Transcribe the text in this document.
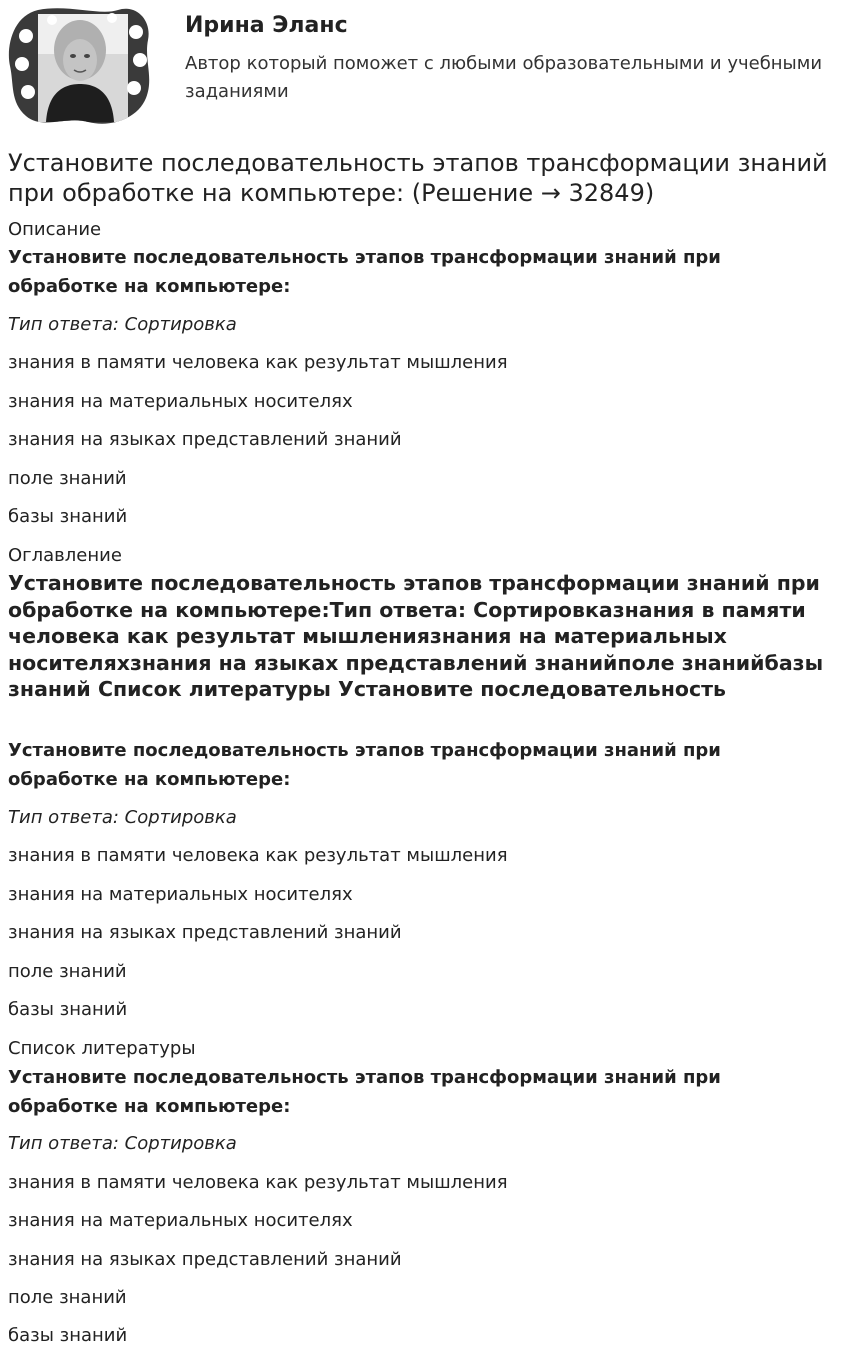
Ирина Эланс
Автор который поможет с любыми образовательными и учебными заданиями
Установите последовательность этапов трансформации знаний при обработке на компьютере: (Решение → 32849)
Описание
Установите последовательность этапов трансформации знаний при обработке на компьютере:
Тип ответа: Сортировка
знания в памяти человека как результат мышления
знания на материальных носителях
знания на языках представлений знаний
поле знаний
базы знаний
Оглавление
Установите последовательность этапов трансформации знаний при обработке на компьютере:Тип ответа: Сортировказнания в памяти человека как результат мышлениязнания на материальных носителяхзнания на языках представлений знанийполе знанийбазы знаний Список литературы Установите последовательность
Установите последовательность этапов трансформации знаний при обработке на компьютере:
Тип ответа: Сортировка
знания в памяти человека как результат мышления
знания на материальных носителях
знания на языках представлений знаний
поле знаний
базы знаний
Список литературы
Установите последовательность этапов трансформации знаний при обработке на компьютере:
Тип ответа: Сортировка
знания в памяти человека как результат мышления
знания на материальных носителях
знания на языках представлений знаний
поле знаний
базы знаний
